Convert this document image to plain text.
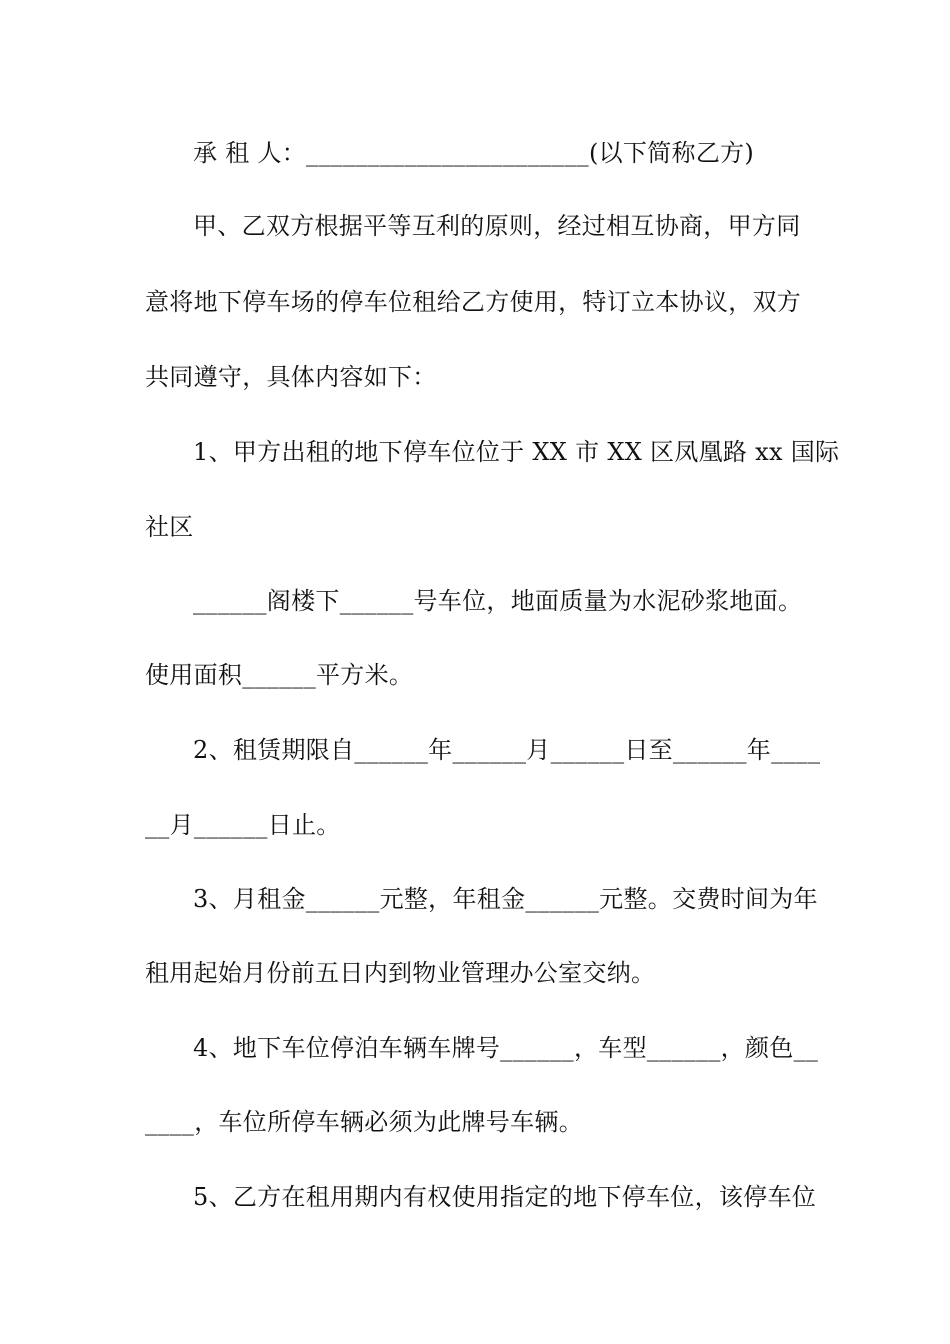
承 租 人：_______________________(以下简称乙方)
甲、乙双方根据平等互利的原则，经过相互协商，甲方同
意将地下停车场的停车位租给乙方使用，特订立本协议，双方
共同遵守，具体内容如下：
1、甲方出租的地下停车位位于 XX 市 XX 区凤凰路 xx 国际
社区
______阁楼下______号车位，地面质量为水泥砂浆地面。
使用面积______平方米。
2、租赁期限自______年______月______日至______年____
__月______日止。
3、月租金______元整，年租金______元整。交费时间为年
租用起始月份前五日内到物业管理办公室交纳。
4、地下车位停泊车辆车牌号______，车型______，颜色__
____，车位所停车辆必须为此牌号车辆。
5、乙方在租用期内有权使用指定的地下停车位，该停车位
